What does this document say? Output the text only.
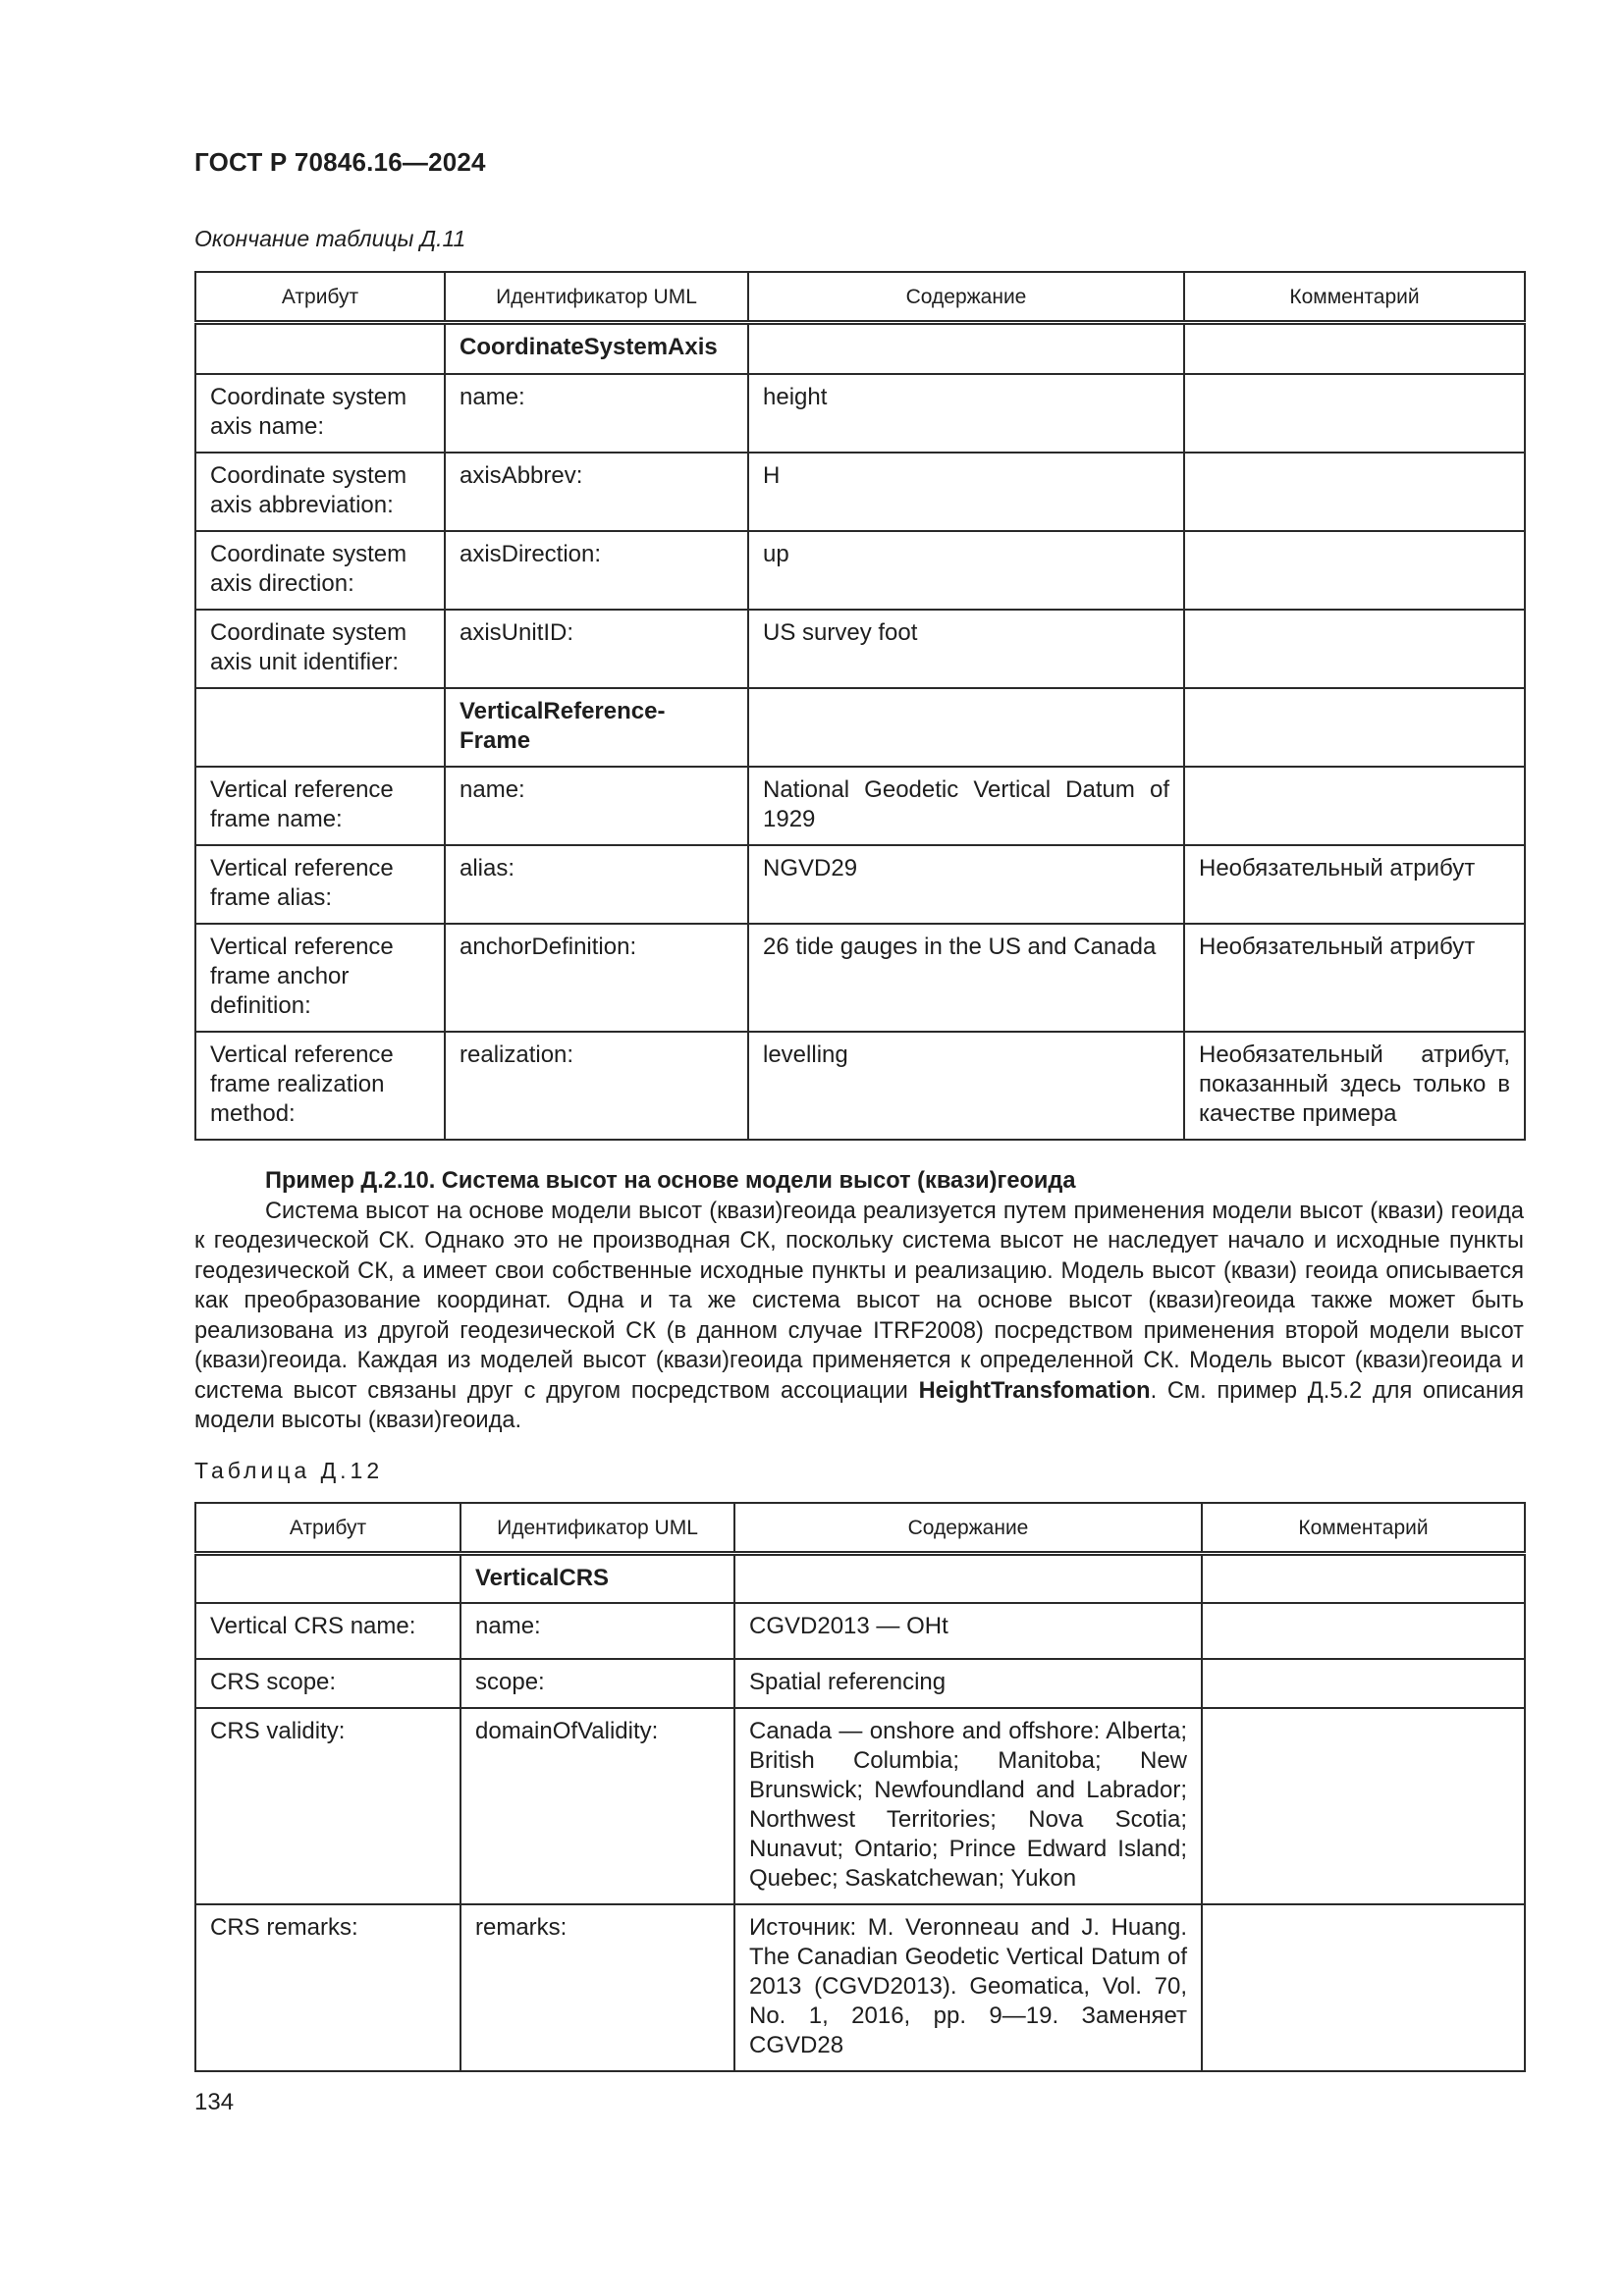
ГОСТ Р 70846.16—2024
Окончание таблицы Д.11
Атрибут	Идентификатор UML	Содержание	Комментарий
	CoordinateSystemAxis		
Coordinate system axis name:	name:	height	
Coordinate system axis abbreviation:	axisAbbrev:	H	
Coordinate system axis direction:	axisDirection:	up	
Coordinate system axis unit identifier:	axisUnitID:	US survey foot	
	VerticalReference-Frame		
Vertical reference frame name:	name:	National Geodetic Vertical Datum of 1929	
Vertical reference frame alias:	alias:	NGVD29	Необязательный атрибут
Vertical reference frame anchor definition:	anchorDefinition:	26 tide gauges in the US and Canada	Необязательный атрибут
Vertical reference frame realization method:	realization:	levelling	Необязательный атрибут, показанный здесь только в качестве примера
Пример Д.2.10. Система высот на основе модели высот (квази)геоида
Система высот на основе модели высот (квази)геоида реализуется путем применения модели высот (квази) геоида к геодезической СК. Однако это не производная СК, поскольку система высот не наследует начало и исходные пункты геодезической СК, а имеет свои собственные исходные пункты и реализацию. Модель высот (квази) геоида описывается как преобразование координат. Одна и та же система высот на основе высот (квази)геоида также может быть реализована из другой геодезической СК (в данном случае ITRF2008) посредством применения второй модели высот (квази)геоида. Каждая из моделей высот (квази)геоида применяется к определенной СК. Модель высот (квази)геоида и система высот связаны друг с другом посредством ассоциации HeightTransfomation. См. пример Д.5.2 для описания модели высоты (квази)геоида.
Таблица Д.12
Атрибут	Идентификатор UML	Содержание	Комментарий
	VerticalCRS		
Vertical CRS name:	name:	CGVD2013 — OHt	
CRS scope:	scope:	Spatial referencing	
CRS validity:	domainOfValidity:	Canada — onshore and offshore: Alberta; British Columbia; Manitoba; New Brunswick; Newfoundland and Labrador; Northwest Territories; Nova Scotia; Nunavut; Ontario; Prince Edward Island; Quebec; Saskatchewan; Yukon	
CRS remarks:	remarks:	Источник: M. Veronneau and J. Huang. The Canadian Geodetic Vertical Datum of 2013 (CGVD2013). Geomatica, Vol. 70, No. 1, 2016, pp. 9—19. Заменяет CGVD28	
134
